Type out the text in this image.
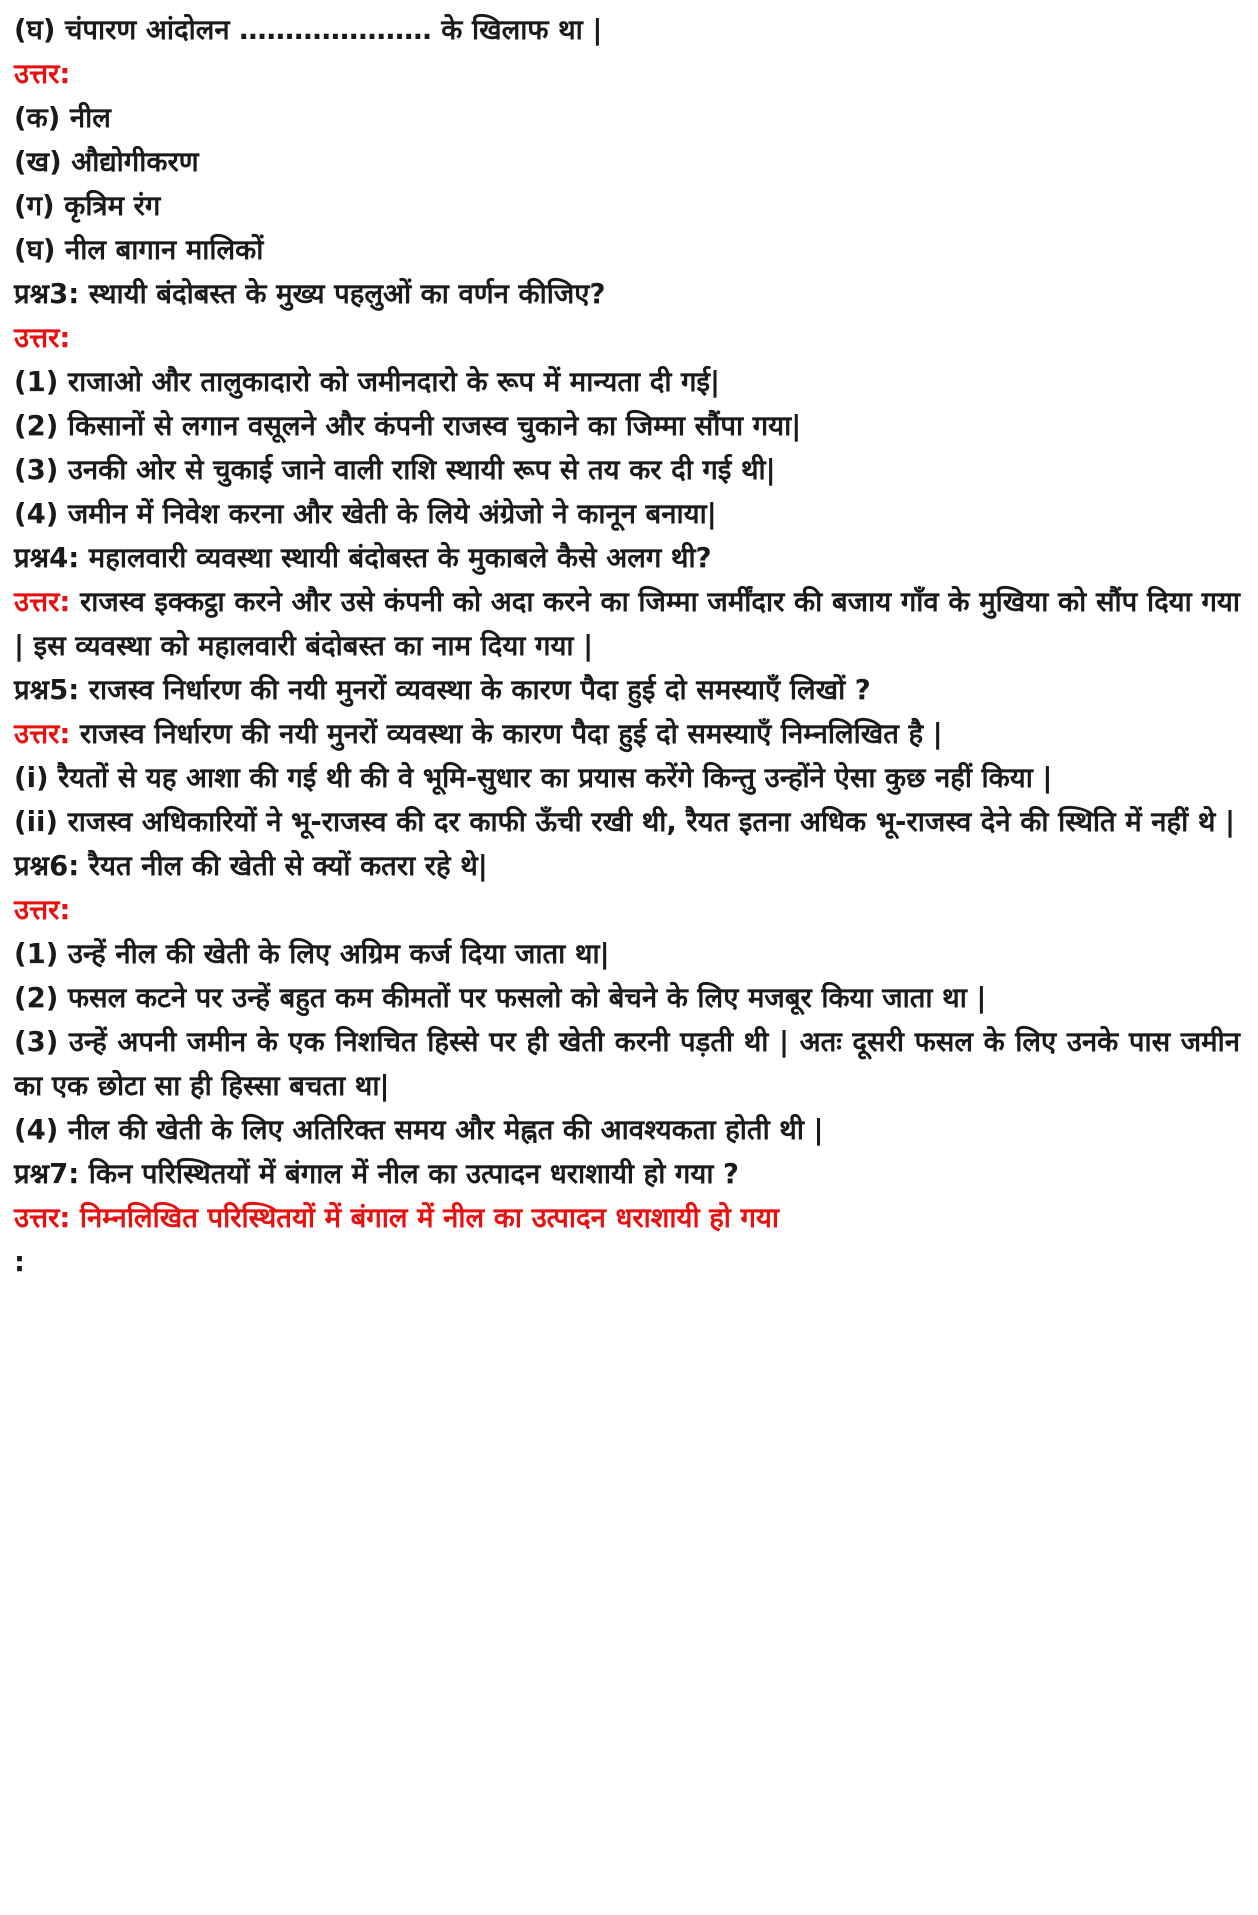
(घ) चंपारण आंदोलन ………………… के खिलाफ था |
उत्तर:
(क) नील
(ख) औद्योगीकरण
(ग) कृत्रिम रंग
(घ) नील बागान मालिकों
प्रश्न3: स्थायी बंदोबस्त के मुख्य पहलुओं का वर्णन कीजिए?
उत्तर:
(1) राजाओ और तालुकादारो को जमीनदारो के रूप में मान्यता दी गई|
(2) किसानों से लगान वसूलने और कंपनी राजस्व चुकाने का जिम्मा सौंपा गया|
(3) उनकी ओर से चुकाई जाने वाली राशि स्थायी रूप से तय कर दी गई थी|
(4) जमीन में निवेश करना और खेती के लिये अंग्रेजो ने कानून बनाया|
प्रश्न4: महालवारी व्यवस्था स्थायी बंदोबस्त के मुकाबले कैसे अलग थी?
उत्तर: राजस्व इक्कट्ठा करने और उसे कंपनी को अदा करने का जिम्मा जर्मींदार की बजाय गाँव के मुखिया को सौंप दिया गया | इस व्यवस्था को महालवारी बंदोबस्त का नाम दिया गया |
प्रश्न5: राजस्व निर्धारण की नयी मुनरों व्यवस्था के कारण पैदा हुई दो समस्याएँ लिखों ?
उत्तर: राजस्व निर्धारण की नयी मुनरों व्यवस्था के कारण पैदा हुई दो समस्याएँ निम्नलिखित है |
(i) रैयतों से यह आशा की गई थी की वे भूमि-सुधार का प्रयास करेंगे किन्तु उन्होंने ऐसा कुछ नहीं किया |
(ii) राजस्व अधिकारियों ने भू-राजस्व की दर काफी ऊँची रखी थी, रैयत इतना अधिक भू-राजस्व देने की स्थिति में नहीं थे |
प्रश्न6: रैयत नील की खेती से क्यों कतरा रहे थे|
उत्तर:
(1) उन्हें नील की खेती के लिए अग्रिम कर्ज दिया जाता था|
(2) फसल कटने पर उन्हें बहुत कम कीमतों पर फसलो को बेचने के लिए मजबूर किया जाता था |
(3) उन्हें अपनी जमीन के एक निशचित हिस्से पर ही खेती करनी पड़ती थी | अतः दूसरी फसल के लिए उनके पास जमीन का एक छोटा सा ही हिस्सा बचता था|
(4) नील की खेती के लिए अतिरिक्त समय और मेह्नत की आवश्यकता होती थी |
प्रश्न7: किन परिस्थितयों में बंगाल में नील का उत्पादन धराशायी हो गया ?
उत्तर: निम्नलिखित परिस्थितयों में बंगाल में नील का उत्पादन धराशायी हो गया
:
